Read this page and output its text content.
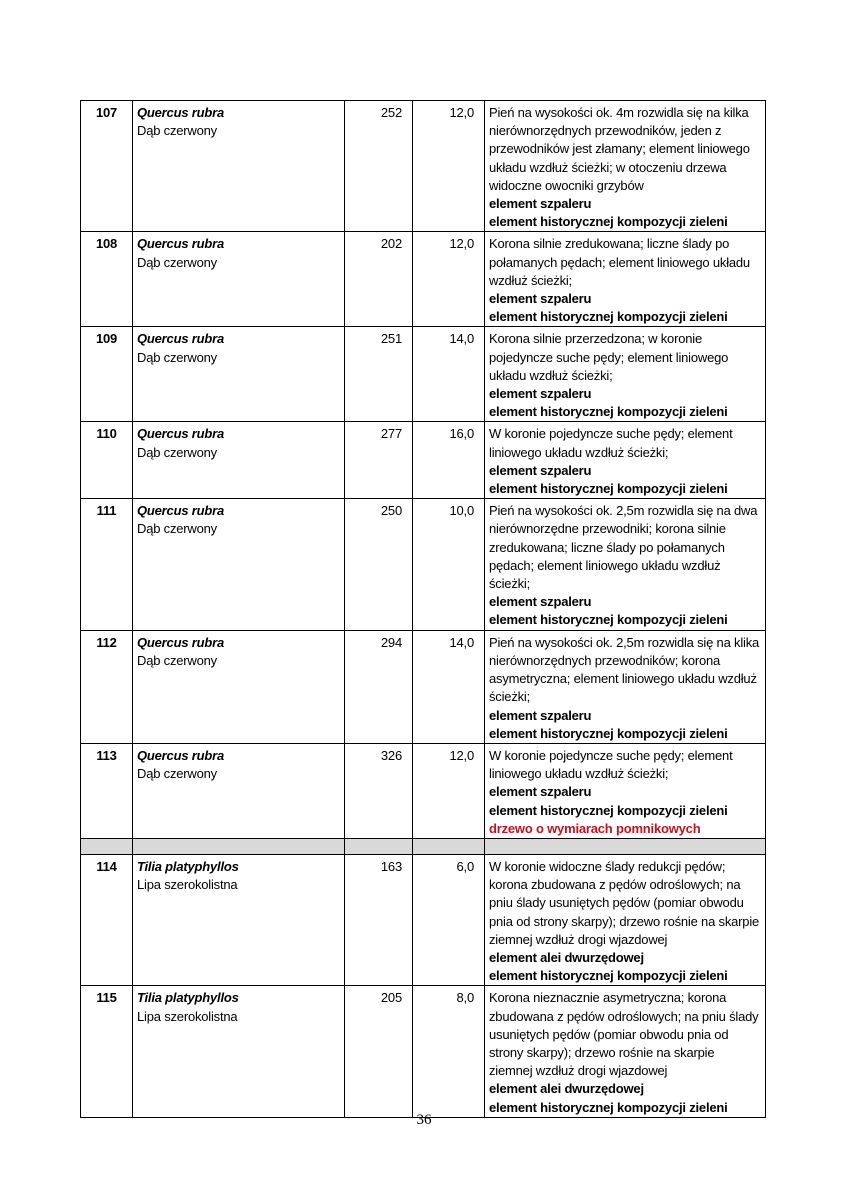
107	Quercus rubra
Dąb czerwony	252	12,0	Pień na wysokości ok. 4m rozwidla się na kilka nierównorzędnych przewodników, jeden z przewodników jest złamany; element liniowego układu wzdłuż ścieżki; w otoczeniu drzewa widoczne owocniki grzybów
element szpaleru
element historycznej kompozycji zieleni

108	Quercus rubra
Dąb czerwony	202	12,0	Korona silnie zredukowana; liczne ślady po połamanych pędach; element liniowego układu wzdłuż ścieżki;
element szpaleru
element historycznej kompozycji zieleni

109	Quercus rubra
Dąb czerwony	251	14,0	Korona silnie przerzedzona; w koronie pojedyncze suche pędy; element liniowego układu wzdłuż ścieżki;
element szpaleru
element historycznej kompozycji zieleni

110	Quercus rubra
Dąb czerwony	277	16,0	W koronie pojedyncze suche pędy; element liniowego układu wzdłuż ścieżki;
element szpaleru
element historycznej kompozycji zieleni

111	Quercus rubra
Dąb czerwony	250	10,0	Pień na wysokości ok. 2,5m rozwidla się na dwa nierównorzędne przewodniki; korona silnie zredukowana; liczne ślady po połamanych pędach; element liniowego układu wzdłuż ścieżki;
element szpaleru
element historycznej kompozycji zieleni

112	Quercus rubra
Dąb czerwony	294	14,0	Pień na wysokości ok. 2,5m rozwidla się na klika nierównorzędnych przewodników; korona asymetryczna; element liniowego układu wzdłuż ścieżki;
element szpaleru
element historycznej kompozycji zieleni

113	Quercus rubra
Dąb czerwony	326	12,0	W koronie pojedyncze suche pędy; element liniowego układu wzdłuż ścieżki;
element szpaleru
element historycznej kompozycji zieleni
drzewo o wymiarach pomnikowych

114	Tilia platyphyllos
Lipa szerokolistna	163	6,0	W koronie widoczne ślady redukcji pędów; korona zbudowana z pędów odroślowych; na pniu ślady usuniętych pędów (pomiar obwodu pnia od strony skarpy); drzewo rośnie na skarpie ziemnej wzdłuż drogi wjazdowej
element alei dwurzędowej
element historycznej kompozycji zieleni

115	Tilia platyphyllos
Lipa szerokolistna	205	8,0	Korona nieznacznie asymetryczna; korona zbudowana z pędów odroślowych; na pniu ślady usuniętych pędów (pomiar obwodu pnia od strony skarpy); drzewo rośnie na skarpie ziemnej wzdłuż drogi wjazdowej
element alei dwurzędowej
element historycznej kompozycji zieleni
36
